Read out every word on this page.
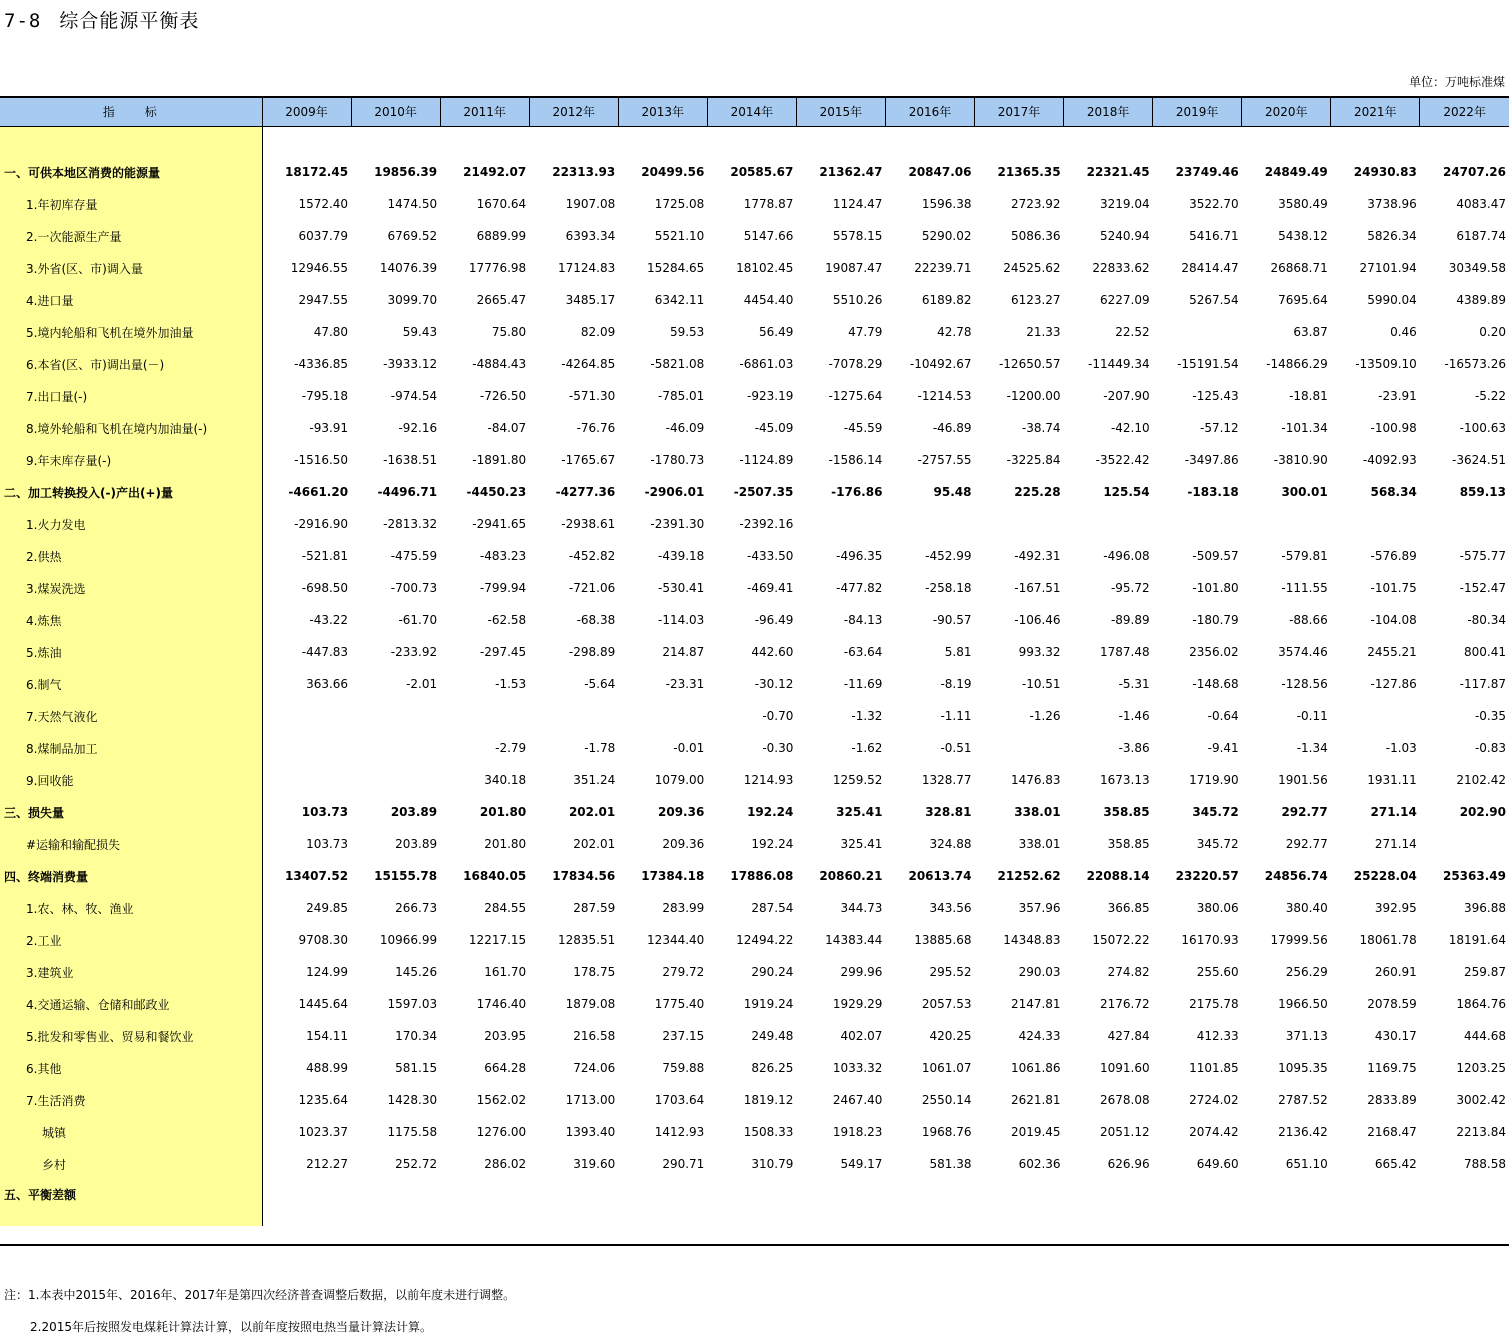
7-8 综合能源平衡表
单位：万吨标准煤
指　　标	2009年	2010年	2011年	2012年	2013年	2014年	2015年	2016年	2017年	2018年	2019年	2020年	2021年	2022年

一、可供本地区消费的能源量	18172.45	19856.39	21492.07	22313.93	20499.56	20585.67	21362.47	20847.06	21365.35	22321.45	23749.46	24849.49	24930.83	24707.26
1.年初库存量	1572.40	1474.50	1670.64	1907.08	1725.08	1778.87	1124.47	1596.38	2723.92	3219.04	3522.70	3580.49	3738.96	4083.47
2.一次能源生产量	6037.79	6769.52	6889.99	6393.34	5521.10	5147.66	5578.15	5290.02	5086.36	5240.94	5416.71	5438.12	5826.34	6187.74
3.外省(区、市)调入量	12946.55	14076.39	17776.98	17124.83	15284.65	18102.45	19087.47	22239.71	24525.62	22833.62	28414.47	26868.71	27101.94	30349.58
4.进口量	2947.55	3099.70	2665.47	3485.17	6342.11	4454.40	5510.26	6189.82	6123.27	6227.09	5267.54	7695.64	5990.04	4389.89
5.境内轮船和飞机在境外加油量	47.80	59.43	75.80	82.09	59.53	56.49	47.79	42.78	21.33	22.52		63.87	0.46	0.20
6.本省(区、市)调出量(－)	-4336.85	-3933.12	-4884.43	-4264.85	-5821.08	-6861.03	-7078.29	-10492.67	-12650.57	-11449.34	-15191.54	-14866.29	-13509.10	-16573.26
7.出口量(-)	-795.18	-974.54	-726.50	-571.30	-785.01	-923.19	-1275.64	-1214.53	-1200.00	-207.90	-125.43	-18.81	-23.91	-5.22
8.境外轮船和飞机在境内加油量(-)	-93.91	-92.16	-84.07	-76.76	-46.09	-45.09	-45.59	-46.89	-38.74	-42.10	-57.12	-101.34	-100.98	-100.63
9.年末库存量(-)	-1516.50	-1638.51	-1891.80	-1765.67	-1780.73	-1124.89	-1586.14	-2757.55	-3225.84	-3522.42	-3497.86	-3810.90	-4092.93	-3624.51
二、加工转换投入(-)产出(+)量	-4661.20	-4496.71	-4450.23	-4277.36	-2906.01	-2507.35	-176.86	95.48	225.28	125.54	-183.18	300.01	568.34	859.13
1.火力发电	-2916.90	-2813.32	-2941.65	-2938.61	-2391.30	-2392.16								
2.供热	-521.81	-475.59	-483.23	-452.82	-439.18	-433.50	-496.35	-452.99	-492.31	-496.08	-509.57	-579.81	-576.89	-575.77
3.煤炭洗选	-698.50	-700.73	-799.94	-721.06	-530.41	-469.41	-477.82	-258.18	-167.51	-95.72	-101.80	-111.55	-101.75	-152.47
4.炼焦	-43.22	-61.70	-62.58	-68.38	-114.03	-96.49	-84.13	-90.57	-106.46	-89.89	-180.79	-88.66	-104.08	-80.34
5.炼油	-447.83	-233.92	-297.45	-298.89	214.87	442.60	-63.64	5.81	993.32	1787.48	2356.02	3574.46	2455.21	800.41
6.制气	363.66	-2.01	-1.53	-5.64	-23.31	-30.12	-11.69	-8.19	-10.51	-5.31	-148.68	-128.56	-127.86	-117.87
7.天然气液化						-0.70	-1.32	-1.11	-1.26	-1.46	-0.64	-0.11		-0.35
8.煤制品加工			-2.79	-1.78	-0.01	-0.30	-1.62	-0.51		-3.86	-9.41	-1.34	-1.03	-0.83
9.回收能			340.18	351.24	1079.00	1214.93	1259.52	1328.77	1476.83	1673.13	1719.90	1901.56	1931.11	2102.42
三、损失量	103.73	203.89	201.80	202.01	209.36	192.24	325.41	328.81	338.01	358.85	345.72	292.77	271.14	202.90
#运输和输配损失	103.73	203.89	201.80	202.01	209.36	192.24	325.41	324.88	338.01	358.85	345.72	292.77	271.14	
四、终端消费量	13407.52	15155.78	16840.05	17834.56	17384.18	17886.08	20860.21	20613.74	21252.62	22088.14	23220.57	24856.74	25228.04	25363.49
1.农、林、牧、渔业	249.85	266.73	284.55	287.59	283.99	287.54	344.73	343.56	357.96	366.85	380.06	380.40	392.95	396.88
2.工业	9708.30	10966.99	12217.15	12835.51	12344.40	12494.22	14383.44	13885.68	14348.83	15072.22	16170.93	17999.56	18061.78	18191.64
3.建筑业	124.99	145.26	161.70	178.75	279.72	290.24	299.96	295.52	290.03	274.82	255.60	256.29	260.91	259.87
4.交通运输、仓储和邮政业	1445.64	1597.03	1746.40	1879.08	1775.40	1919.24	1929.29	2057.53	2147.81	2176.72	2175.78	1966.50	2078.59	1864.76
5.批发和零售业、贸易和餐饮业	154.11	170.34	203.95	216.58	237.15	249.48	402.07	420.25	424.33	427.84	412.33	371.13	430.17	444.68
6.其他	488.99	581.15	664.28	724.06	759.88	826.25	1033.32	1061.07	1061.86	1091.60	1101.85	1095.35	1169.75	1203.25
7.生活消费	1235.64	1428.30	1562.02	1713.00	1703.64	1819.12	2467.40	2550.14	2621.81	2678.08	2724.02	2787.52	2833.89	3002.42
城镇	1023.37	1175.58	1276.00	1393.40	1412.93	1508.33	1918.23	1968.76	2019.45	2051.12	2074.42	2136.42	2168.47	2213.84
乡村	212.27	252.72	286.02	319.60	290.71	310.79	549.17	581.38	602.36	626.96	649.60	651.10	665.42	788.58
五、平衡差额														
注：1.本表中2015年、2016年、2017年是第四次经济普查调整后数据，以前年度未进行调整。
2.2015年后按照发电煤耗计算法计算，以前年度按照电热当量计算法计算。
